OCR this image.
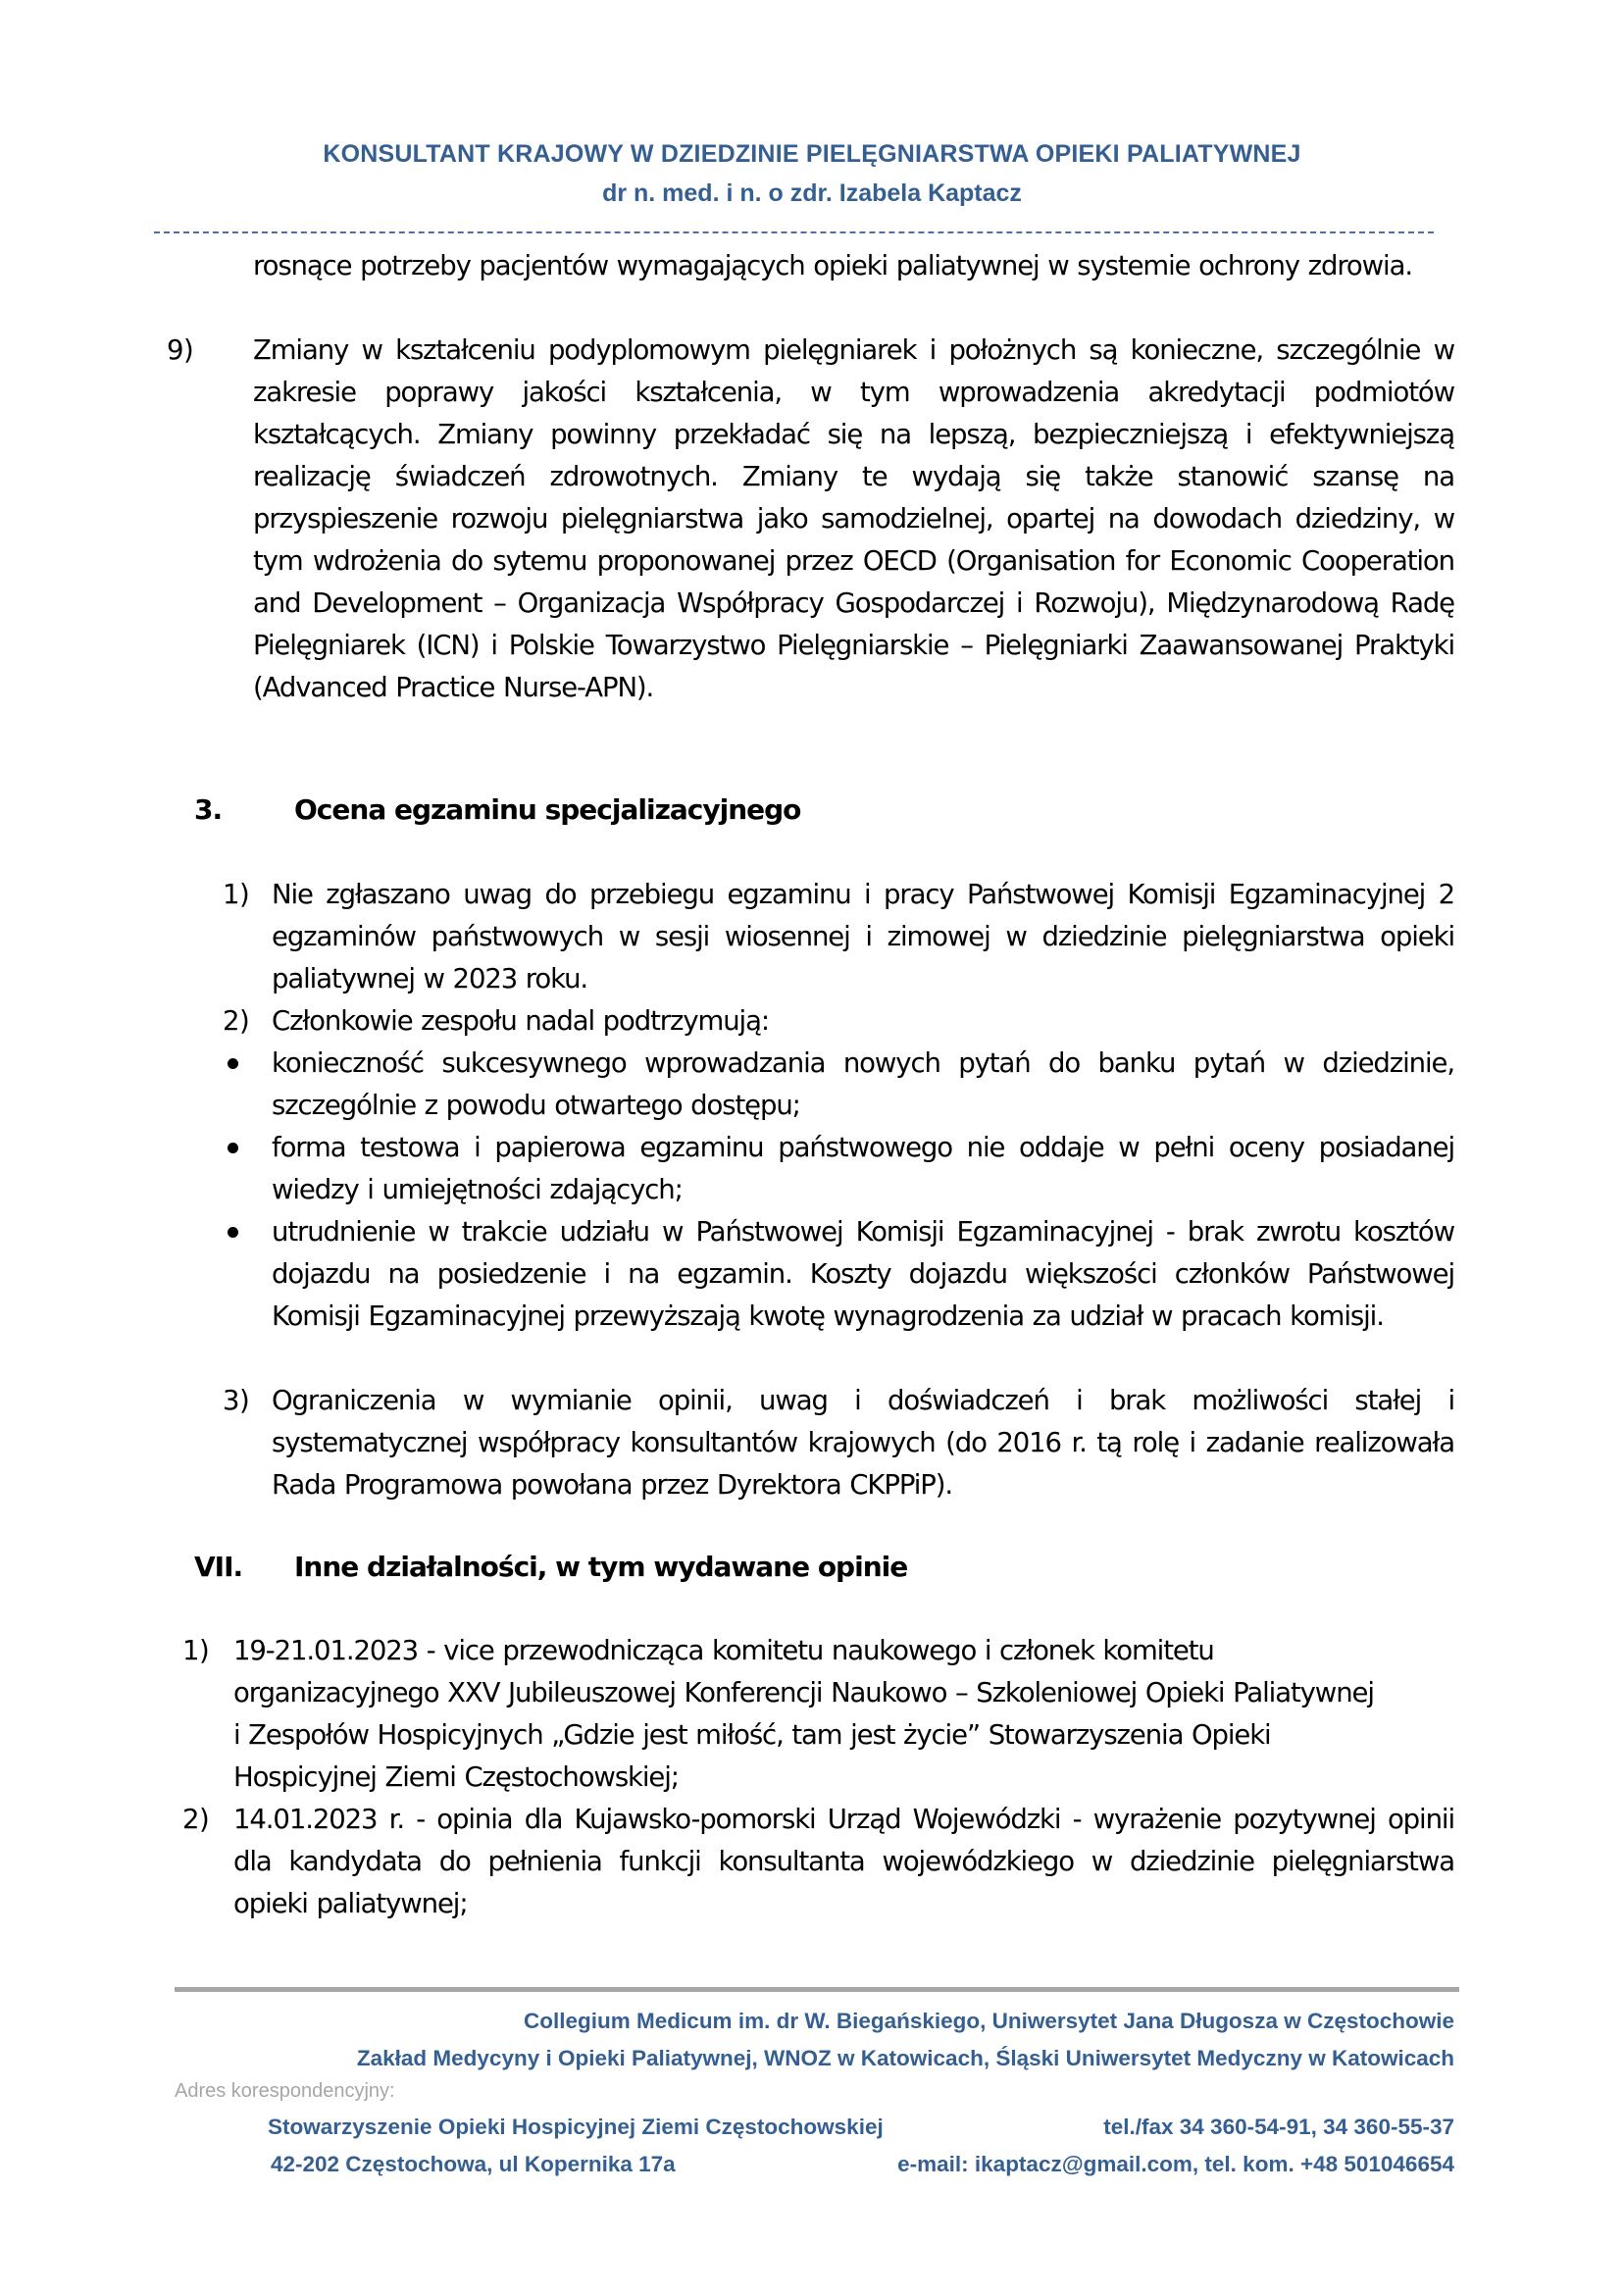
KONSULTANT KRAJOWY W DZIEDZINIE PIELĘGNIARSTWA OPIEKI PALIATYWNEJ
dr n. med. i n. o zdr. Izabela Kaptacz
rosnące potrzeby pacjentów wymagających opieki paliatywnej w systemie ochrony zdrowia.
9) Zmiany w kształceniu podyplomowym pielęgniarek i położnych są konieczne, szczególnie w zakresie poprawy jakości kształcenia, w tym wprowadzenia akredytacji podmiotów kształcących. Zmiany powinny przekładać się na lepszą, bezpieczniejszą i efektywniejszą realizację świadczeń zdrowotnych. Zmiany te wydają się także stanowić szansę na przyspieszenie rozwoju pielęgniarstwa jako samodzielnej, opartej na dowodach dziedziny, w tym wdrożenia do sytemu proponowanej przez OECD (Organisation for Economic Cooperation and Development – Organizacja Współpracy Gospodarczej i Rozwoju), Międzynarodową Radę Pielęgniarek (ICN) i Polskie Towarzystwo Pielęgniarskie – Pielęgniarki Zaawansowanej Praktyki (Advanced Practice Nurse-APN).
3.	Ocena egzaminu specjalizacyjnego
1) Nie zgłaszano uwag do przebiegu egzaminu i pracy Państwowej Komisji Egzaminacyjnej 2 egzaminów państwowych w sesji wiosennej i zimowej w dziedzinie pielęgniarstwa opieki paliatywnej w 2023 roku.
2) Członkowie zespołu nadal podtrzymują:
konieczność sukcesywnego wprowadzania nowych pytań do banku pytań w dziedzinie, szczególnie z powodu otwartego dostępu;
forma testowa i papierowa egzaminu państwowego nie oddaje w pełni oceny posiadanej wiedzy i umiejętności zdających;
utrudnienie w trakcie udziału w Państwowej Komisji Egzaminacyjnej - brak zwrotu kosztów dojazdu na posiedzenie i na egzamin. Koszty dojazdu większości członków Państwowej Komisji Egzaminacyjnej przewyższają kwotę wynagrodzenia za udział w pracach komisji.
3) Ograniczenia w wymianie opinii, uwag i doświadczeń i brak możliwości stałej i systematycznej współpracy konsultantów krajowych (do 2016 r. tą rolę i zadanie realizowała Rada Programowa powołana przez Dyrektora CKPPiP).
VII. Inne działalności, w tym wydawane opinie
1) 19-21.01.2023 - vice przewodnicząca komitetu naukowego i członek komitetu
organizacyjnego XXV Jubileuszowej Konferencji Naukowo – Szkoleniowej Opieki Paliatywnej
i Zespołów Hospicyjnych „Gdzie jest miłość, tam jest życie” Stowarzyszenia Opieki
Hospicyjnej Ziemi Częstochowskiej;
2) 14.01.2023 r. - opinia dla Kujawsko-pomorski Urząd Wojewódzki - wyrażenie pozytywnej opinii dla kandydata do pełnienia funkcji konsultanta wojewódzkiego w dziedzinie pielęgniarstwa opieki paliatywnej;
Collegium Medicum im. dr W. Biegańskiego, Uniwersytet Jana Długosza w Częstochowie
Zakład Medycyny i Opieki Paliatywnej, WNOZ w Katowicach, Śląski Uniwersytet Medyczny w Katowicach
Adres korespondencyjny:
Stowarzyszenie Opieki Hospicyjnej Ziemi Częstochowskiej	tel./fax 34 360-54-91, 34 360-55-37
42-202 Częstochowa, ul Kopernika 17a	e-mail: ikaptacz@gmail.com, tel. kom. +48 501046654
